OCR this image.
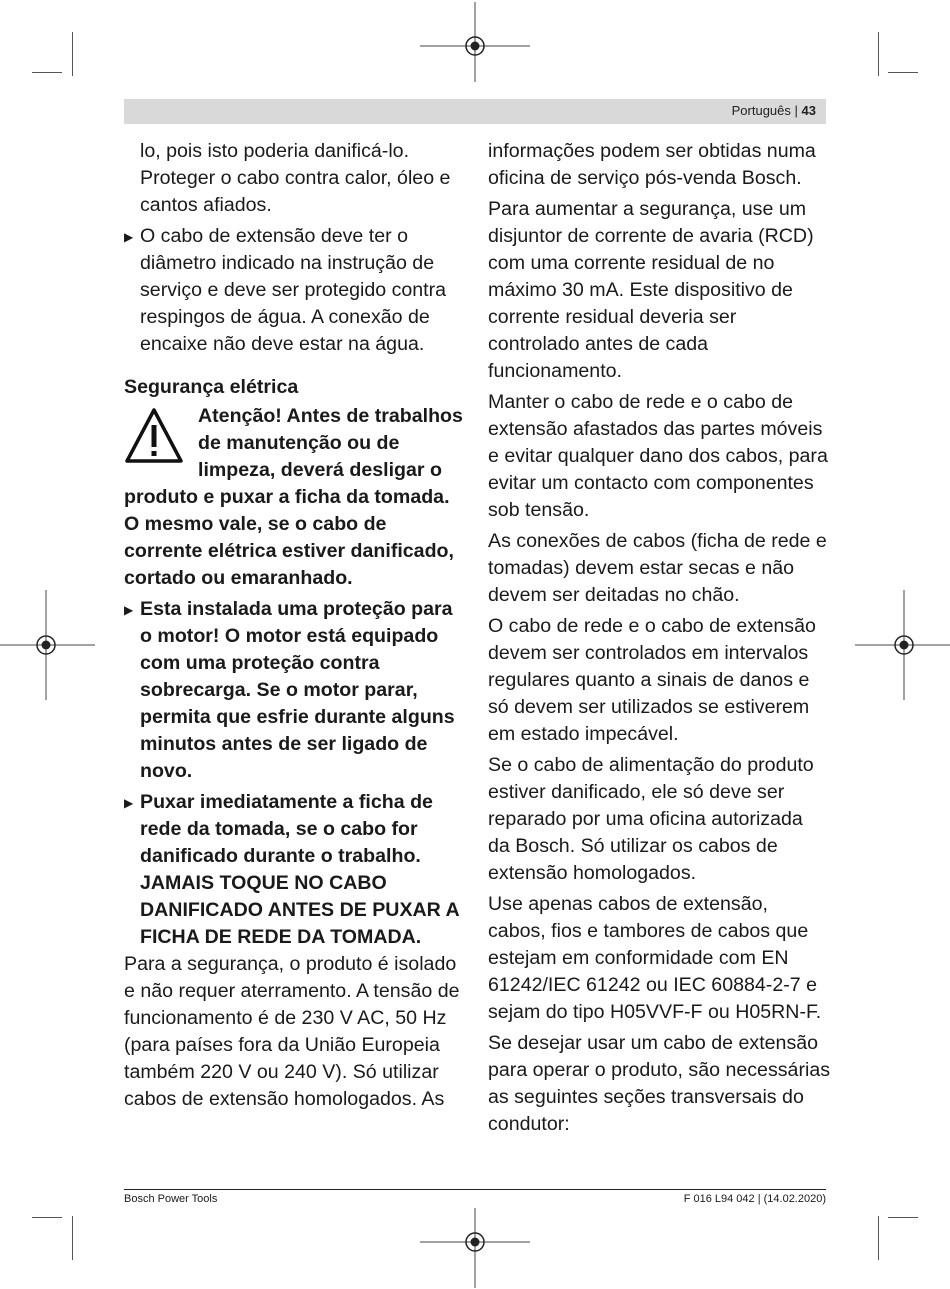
Português | 43

lo, pois isto poderia danificá-lo. Proteger o cabo contra calor, óleo e cantos afiados.

▶ O cabo de extensão deve ter o diâmetro indicado na instrução de serviço e deve ser protegido contra respingos de água. A conexão de encaixe não deve estar na água.
Segurança elétrica
Atenção! Antes de trabalhos de manutenção ou de limpeza, deverá desligar o produto e puxar a ficha da tomada. O mesmo vale, se o cabo de corrente elétrica estiver danificado, cortado ou emaranhado.
▶ Esta instalada uma proteção para o motor! O motor está equipado com uma proteção contra sobrecarga. Se o motor parar, permita que esfrie durante alguns minutos antes de ser ligado de novo.
▶ Puxar imediatamente a ficha de rede da tomada, se o cabo for danificado durante o trabalho. JAMAIS TOQUE NO CABO DANIFICADO ANTES DE PUXAR A FICHA DE REDE DA TOMADA.

Para a segurança, o produto é isolado e não requer aterramento. A tensão de funcionamento é de 230 V AC, 50 Hz (para países fora da União Europeia também 220 V ou 240 V). Só utilizar cabos de extensão homologados. As

informações podem ser obtidas numa oficina de serviço pós-venda Bosch.

Para aumentar a segurança, use um disjuntor de corrente de avaria (RCD) com uma corrente residual de no máximo 30 mA. Este dispositivo de corrente residual deveria ser controlado antes de cada funcionamento.

Manter o cabo de rede e o cabo de extensão afastados das partes móveis e evitar qualquer dano dos cabos, para evitar um contacto com componentes sob tensão.

As conexões de cabos (ficha de rede e tomadas) devem estar secas e não devem ser deitadas no chão.

O cabo de rede e o cabo de extensão devem ser controlados em intervalos regulares quanto a sinais de danos e só devem ser utilizados se estiverem em estado impecável.

Se o cabo de alimentação do produto estiver danificado, ele só deve ser reparado por uma oficina autorizada da Bosch. Só utilizar os cabos de extensão homologados.

Use apenas cabos de extensão, cabos, fios e tambores de cabos que estejam em conformidade com EN 61242/IEC 61242 ou IEC 60884-2-7 e sejam do tipo H05VVF-F ou H05RN-F.

Se desejar usar um cabo de extensão para operar o produto, são necessárias as seguintes seções transversais do condutor:

Bosch Power Tools	F 016 L94 042 | (14.02.2020)
